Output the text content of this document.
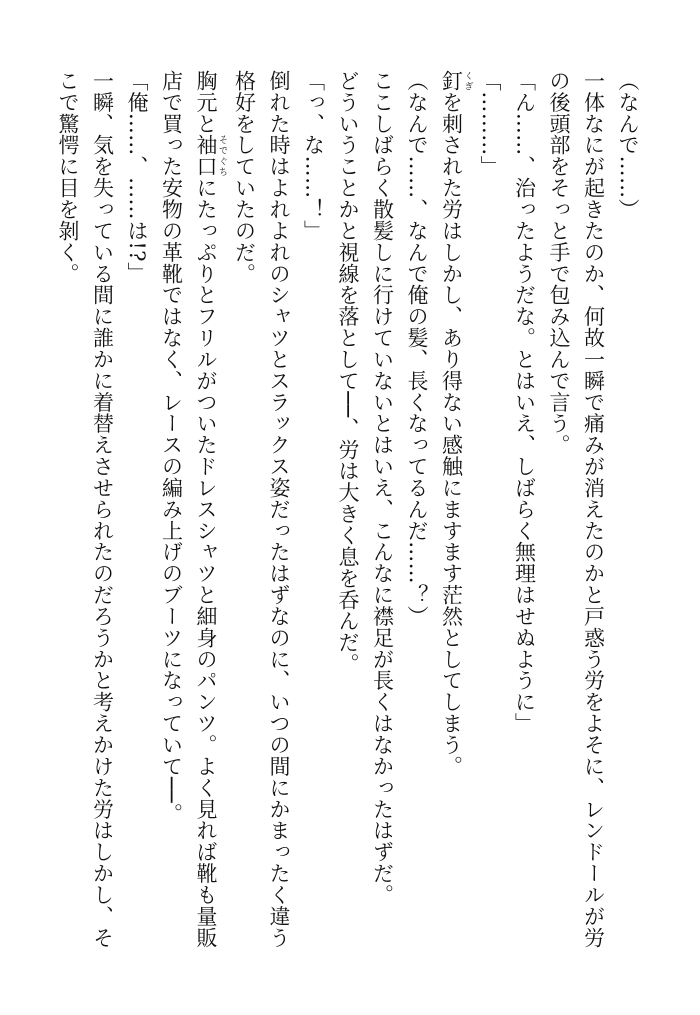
（なんで……）
一体なにが起きたのか、何故一瞬で痛みが消えたのかと戸惑う労をよそに、レンドールが労
の後頭部をそっと手で包み込んで言う。
「ん……、治ったようだな。とはいえ、しばらく無理はせぬように」
「………」
釘 くぎを刺された労はしかし、あり得ない感触にますます茫然としてしまう。
（なんで……、なんで俺の髪、長くなってるんだ……？）
ここしばらく散髪しに行けていないとはいえ、こんなに襟足が長くはなかったはずだ。
どういうことかと視線を落として──、労は大きく息を呑んだ。
「っ、な……！」
倒れた時はよれよれのシャツとスラックス姿だったはずなのに、いつの間にかまったく違う
格好をしていたのだ。
胸元と袖口 そでぐちにたっぷりとフリルがついたドレスシャツと細身のパンツ。よく見れば靴も量販
店で買った安物の革靴ではなく、レースの編み上げのブーツになっていて──。
「俺……、……は!?」
一瞬、気を失っている間に誰かに着替えさせられたのだろうかと考えかけた労はしかし、そ
こで驚愕に目を剝く。
